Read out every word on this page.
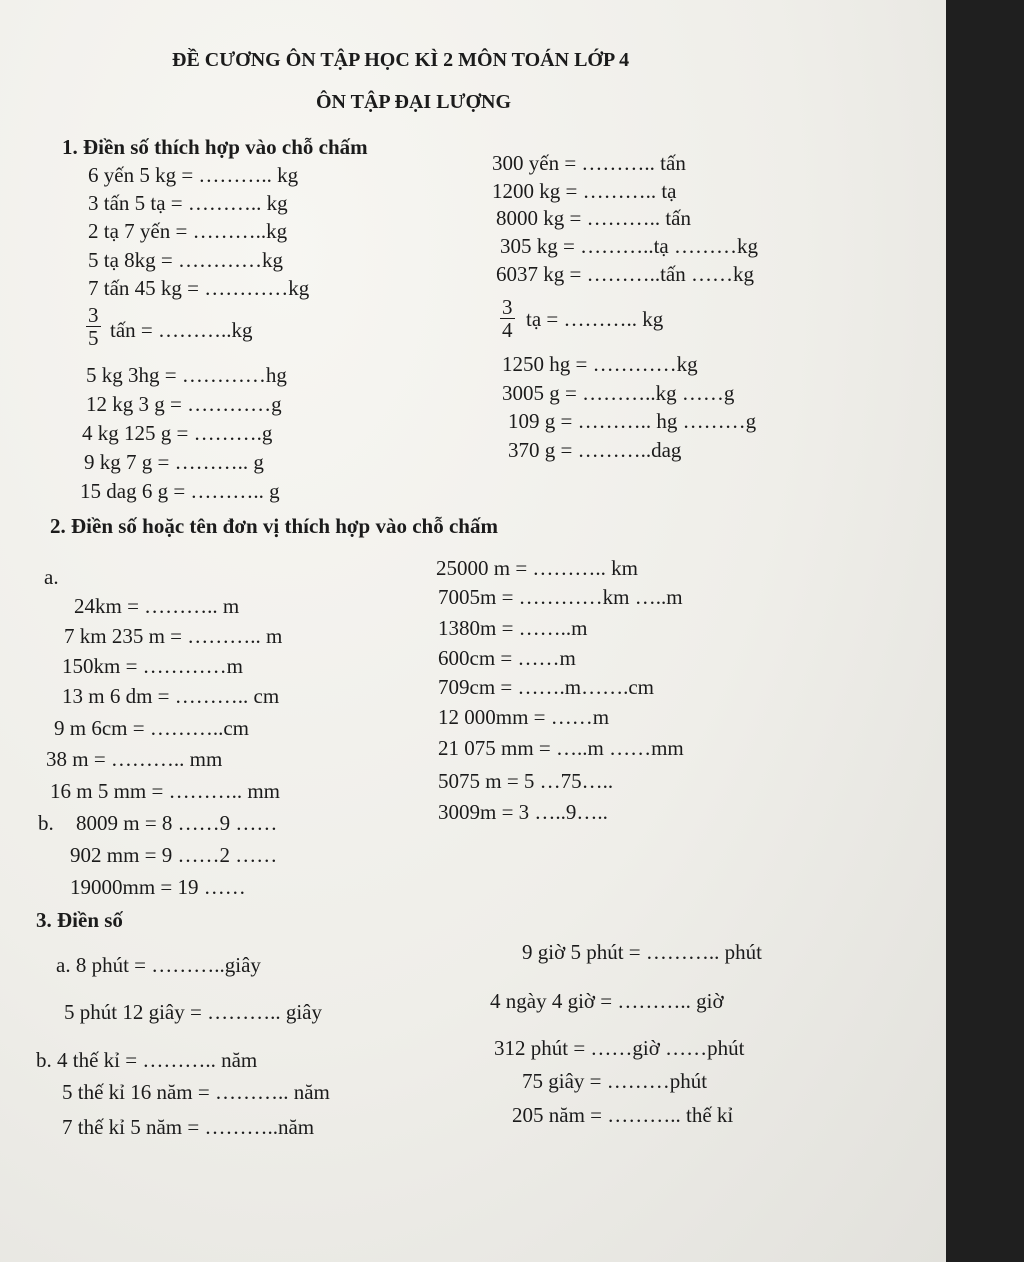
ĐỀ CƯƠNG ÔN TẬP HỌC KÌ 2 MÔN TOÁN LỚP 4
ÔN TẬP ĐẠI LƯỢNG
1. Điền số thích hợp vào chỗ chấm
6 yến 5 kg = ……….. kg
3 tấn 5 tạ = ……….. kg
2 tạ 7 yến = ………..kg
5 tạ 8kg = …………kg
7 tấn 45 kg = …………kg
$\frac{3}{5}$ tấn = ………..kg
5 kg 3hg = …………hg
12 kg 3 g = …………g
4 kg 125 g = ……….g
9 kg 7 g = ……….. g
15 dag 6 g = ……….. g
300 yến = ……….. tấn
1200 kg = ……….. tạ
8000 kg = ……….. tấn
305 kg = ………..tạ ………kg
6037 kg = ………..tấn ……kg
$\frac{3}{4}$ tạ = ……….. kg
1250 hg = …………kg
3005 g = ………..kg ……g
109 g = ……….. hg ………g
370 g = ………..dag
2. Điền số hoặc tên đơn vị thích hợp vào chỗ chấm
a.
24km = ……….. m
7 km 235 m = ……….. m
150km = …………m
13 m 6 dm = ……….. cm
9 m 6cm = ………..cm
38 m = ……….. mm
16 m 5 mm = ……….. mm
b. 8009 m = 8 ……9 ……
902 mm = 9 ……2 ……
19000mm = 19 ……
25000 m = ……….. km
7005m = …………km …..m
1380m = ……..m
600cm = ……m
709cm = …….m…….cm
12 000mm = ……m
21 075 mm = …..m ……mm
5075 m = 5 …75…..
3009m = 3 …..9…..
3. Điền số
a. 8 phút = ………..giây
5 phút 12 giây = ……….. giây
b. 4 thế kỉ = ……….. năm
5 thế kỉ 16 năm = ……….. năm
7 thế kỉ 5 năm = ………..năm
9 giờ 5 phút = ……….. phút
4 ngày 4 giờ = ……….. giờ
312 phút = ……giờ ……phút
75 giây = ………phút
205 năm = ……….. thế kỉ
